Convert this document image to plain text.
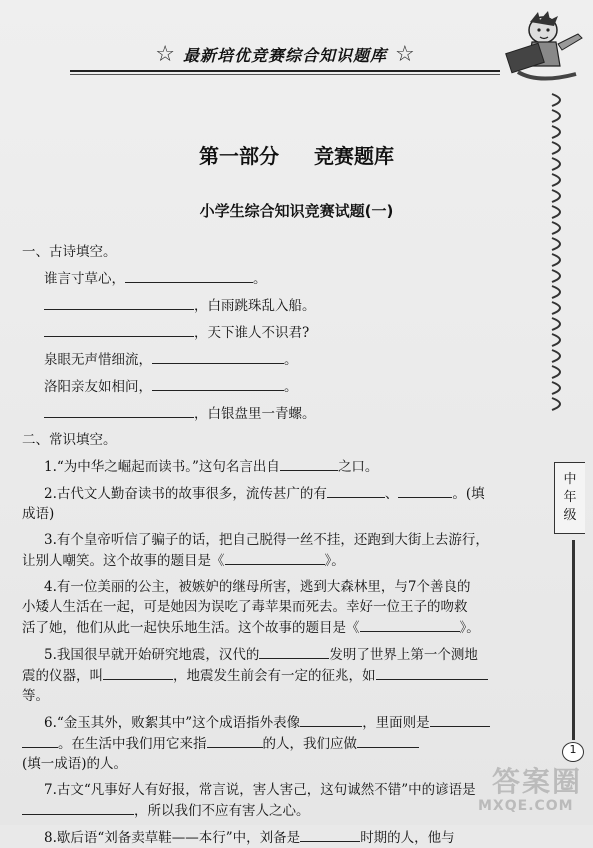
☆ 最新培优竞赛综合知识题库 ☆
中
年
级
1
第一部分 竞赛题库
小学生综合知识竞赛试题(一)

一、古诗填空。

谁言寸草心，	。

，白雨跳珠乱入船。

，天下谁人不识君?

泉眼无声惜细流，	。

洛阳亲友如相问，	。

，白银盘里一青螺。

二、常识填空。

1.“为中华之崛起而读书。”这句名言出自	之口。

2.古代文人勤奋读书的故事很多，流传甚广的有	、	。(填

成语)

3.有个皇帝听信了骗子的话，把自己脱得一丝不挂，还跑到大街上去游行，

让别人嘲笑。这个故事的题目是《	》。

4.有一位美丽的公主，被嫉妒的继母所害，逃到大森林里，与7个善良的

小矮人生活在一起，可是她因为误吃了毒苹果而死去。幸好一位王子的吻救

活了她，他们从此一起快乐地生活。这个故事的题目是《	》。

5.我国很早就开始研究地震，汉代的	发明了世界上第一个测地

震的仪器，叫	，地震发生前会有一定的征兆，如

等。

6.“金玉其外，败絮其中”这个成语指外表像	，里面则是

。在生活中我们用它来指	的人，我们应做

(填一成语)的人。

7.古文“凡事好人有好报，常言说，害人害己，这句诚然不错”中的谚语是

，所以我们不应有害人之心。

8.歇后语“刘备卖草鞋——本行”中，刘备是	时期的人，他与

答案圈
MXQE.COM
